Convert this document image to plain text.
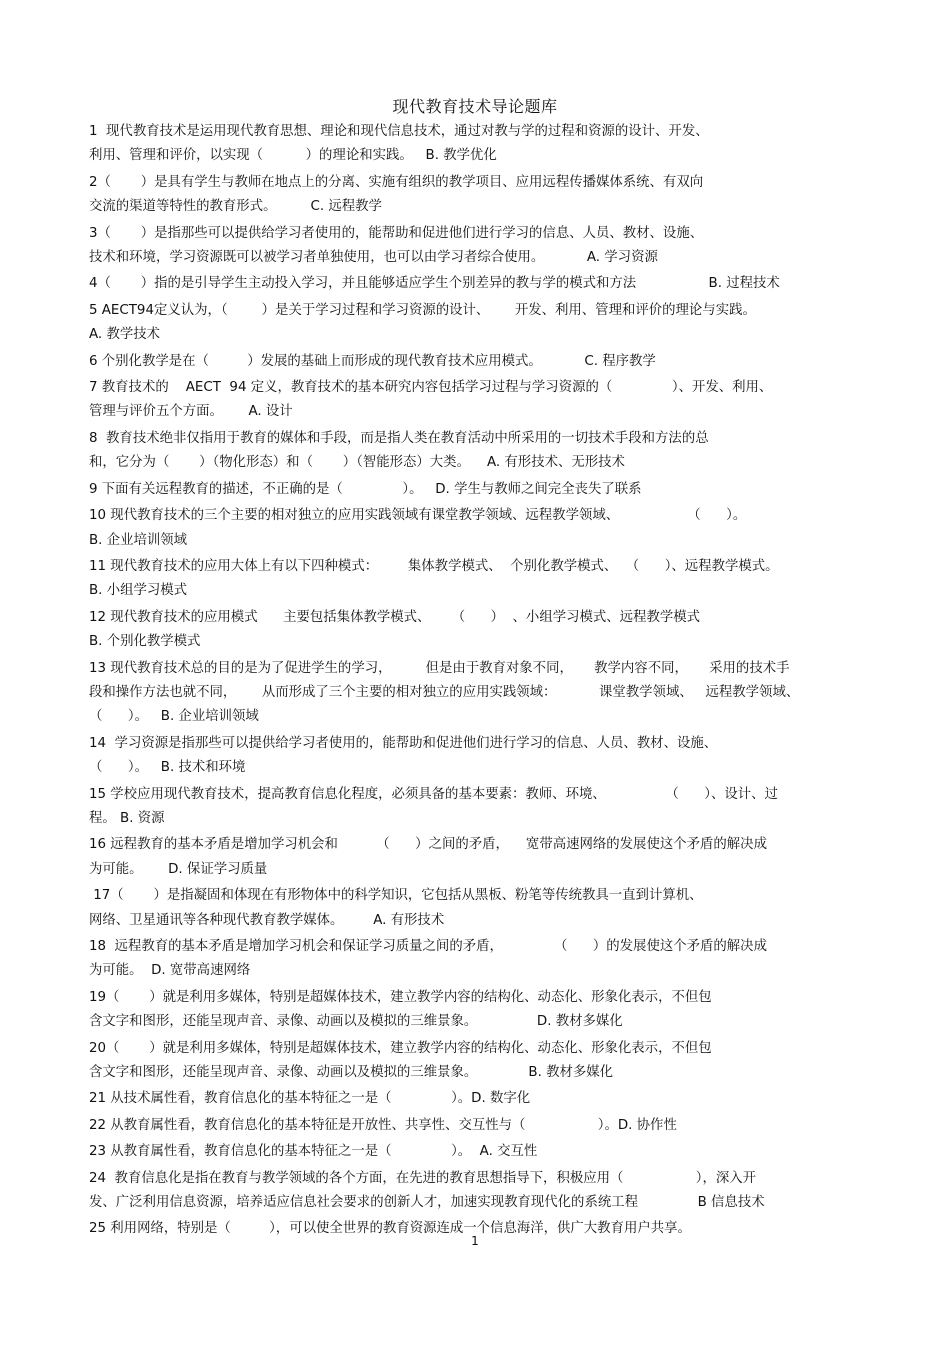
现代教育技术导论题库
1  现代教育技术是运用现代教育思想、理论和现代信息技术，通过对教与学的过程和资源的设计、开发、
利用、管理和评价，以实现（          ）的理论和实践。   B. 教学优化
2（       ）是具有学生与教师在地点上的分离、实施有组织的教学项目、应用远程传播媒体系统、有双向
交流的渠道等特性的教育形式。        C. 远程教学
3（       ）是指那些可以提供给学习者使用的，能帮助和促进他们进行学习的信息、人员、教材、设施、
技术和环境，学习资源既可以被学习者单独使用，也可以由学习者综合使用。          A. 学习资源
4（       ）指的是引导学生主动投入学习，并且能够适应学生个别差异的教与学的模式和方法                 B. 过程技术
5 AECT94定义认为，（        ）是关于学习过程和学习资源的设计、      开发、利用、管理和评价的理论与实践。
A. 教学技术
6 个别化教学是在（         ）发展的基础上而形成的现代教育技术应用模式。          C. 程序教学
7 教育技术的    AECT  94 定义，教育技术的基本研究内容包括学习过程与学习资源的（              ）、开发、利用、
管理与评价五个方面。      A. 设计
8  教育技术绝非仅指用于教育的媒体和手段，而是指人类在教育活动中所采用的一切技术手段和方法的总
和，它分为（       ）（物化形态）和（       ）（智能形态）大类。    A. 有形技术、无形技术
9 下面有关远程教育的描述，不正确的是（              ）。   D. 学生与教师之间完全丧失了联系
10 现代教育技术的三个主要的相对独立的应用实践领域有课堂教学领域、远程教学领域、                （      ）。
B. 企业培训领域
11 现代教育技术的应用大体上有以下四种模式：       集体教学模式、  个别化教学模式、  （      ）、远程教学模式。
B. 小组学习模式
12 现代教育技术的应用模式      主要包括集体教学模式、     （      ）  、小组学习模式、远程教学模式
B. 个别化教学模式
13 现代教育技术总的目的是为了促进学生的学习，        但是由于教育对象不同，     教学内容不同，     采用的技术手
段和操作方法也就不同，      从而形成了三个主要的相对独立的应用实践领域：          课堂教学领域、   远程教学领域、
（      ）。   B. 企业培训领域
14  学习资源是指那些可以提供给学习者使用的，能帮助和促进他们进行学习的信息、人员、教材、设施、
（      ）。   B. 技术和环境
15 学校应用现代教育技术，提高教育信息化程度，必须具备的基本要素：教师、环境、              （      ）、设计、过
程。 B. 资源
16 远程教育的基本矛盾是增加学习机会和         （      ）之间的矛盾，    宽带高速网络的发展使这个矛盾的解决成
为可能。      D. 保证学习质量
17（       ）是指凝固和体现在有形物体中的科学知识，它包括从黑板、粉笔等传统教具一直到计算机、
网络、卫星通讯等各种现代教育教学媒体。       A. 有形技术
18  远程教育的基本矛盾是增加学习机会和保证学习质量之间的矛盾，            （      ）的发展使这个矛盾的解决成
为可能。  D. 宽带高速网络
19（       ）就是利用多媒体，特别是超媒体技术，建立教学内容的结构化、动态化、形象化表示，不但包
含文字和图形，还能呈现声音、录像、动画以及模拟的三维景象。              D. 教材多媒化
20（       ）就是利用多媒体，特别是超媒体技术，建立教学内容的结构化、动态化、形象化表示，不但包
含文字和图形，还能呈现声音、录像、动画以及模拟的三维景象。            B. 教材多媒化
21 从技术属性看，教育信息化的基本特征之一是（              ）。D. 数字化
22 从教育属性看，教育信息化的基本特征是开放性、共享性、交互性与（                 ）。D. 协作性
23 从教育属性看，教育信息化的基本特征之一是（              ）。  A. 交互性
24  教育信息化是指在教育与教学领域的各个方面，在先进的教育思想指导下，积极应用（                 ），深入开
发、广泛利用信息资源，培养适应信息社会要求的创新人才，加速实现教育现代化的系统工程              B 信息技术
25 利用网络，特别是（         ），可以使全世界的教育资源连成一个信息海洋，供广大教育用户共享。
1
